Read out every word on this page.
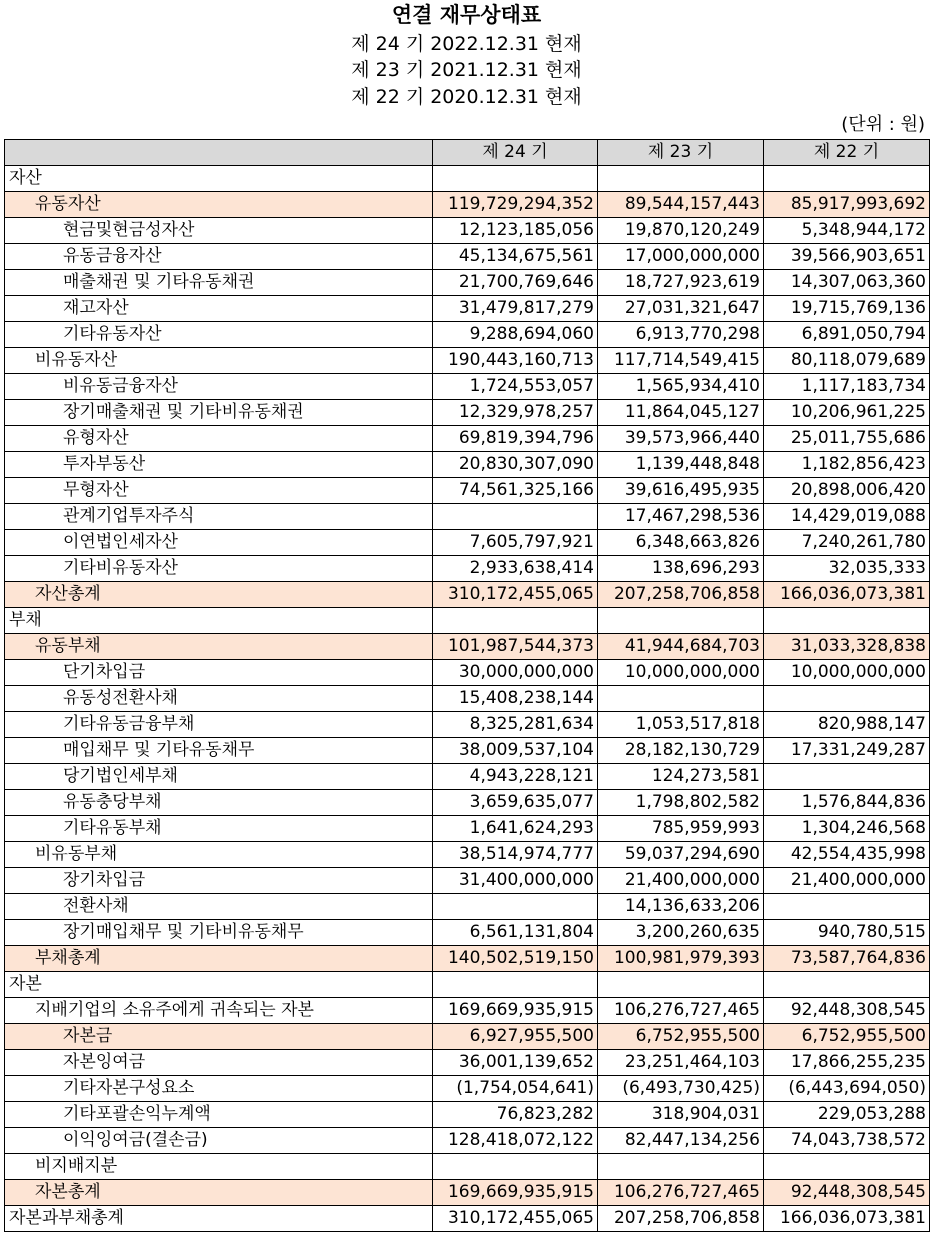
연결 재무상태표
제 24 기 2022.12.31 현재
제 23 기 2021.12.31 현재
제 22 기 2020.12.31 현재
(단위 : 원)
	제 24 기	제 23 기	제 22 기
자산			
유동자산	119,729,294,352	89,544,157,443	85,917,993,692
현금및현금성자산	12,123,185,056	19,870,120,249	5,348,944,172
유동금융자산	45,134,675,561	17,000,000,000	39,566,903,651
매출채권 및 기타유동채권	21,700,769,646	18,727,923,619	14,307,063,360
재고자산	31,479,817,279	27,031,321,647	19,715,769,136
기타유동자산	9,288,694,060	6,913,770,298	6,891,050,794
비유동자산	190,443,160,713	117,714,549,415	80,118,079,689
비유동금융자산	1,724,553,057	1,565,934,410	1,117,183,734
장기매출채권 및 기타비유동채권	12,329,978,257	11,864,045,127	10,206,961,225
유형자산	69,819,394,796	39,573,966,440	25,011,755,686
투자부동산	20,830,307,090	1,139,448,848	1,182,856,423
무형자산	74,561,325,166	39,616,495,935	20,898,006,420
관계기업투자주식		17,467,298,536	14,429,019,088
이연법인세자산	7,605,797,921	6,348,663,826	7,240,261,780
기타비유동자산	2,933,638,414	138,696,293	32,035,333
자산총계	310,172,455,065	207,258,706,858	166,036,073,381
부채			
유동부채	101,987,544,373	41,944,684,703	31,033,328,838
단기차입금	30,000,000,000	10,000,000,000	10,000,000,000
유동성전환사채	15,408,238,144		
기타유동금융부채	8,325,281,634	1,053,517,818	820,988,147
매입채무 및 기타유동채무	38,009,537,104	28,182,130,729	17,331,249,287
당기법인세부채	4,943,228,121	124,273,581	
유동충당부채	3,659,635,077	1,798,802,582	1,576,844,836
기타유동부채	1,641,624,293	785,959,993	1,304,246,568
비유동부채	38,514,974,777	59,037,294,690	42,554,435,998
장기차입금	31,400,000,000	21,400,000,000	21,400,000,000
전환사채		14,136,633,206	
장기매입채무 및 기타비유동채무	6,561,131,804	3,200,260,635	940,780,515
부채총계	140,502,519,150	100,981,979,393	73,587,764,836
자본			
지배기업의 소유주에게 귀속되는 자본	169,669,935,915	106,276,727,465	92,448,308,545
자본금	6,927,955,500	6,752,955,500	6,752,955,500
자본잉여금	36,001,139,652	23,251,464,103	17,866,255,235
기타자본구성요소	(1,754,054,641)	(6,493,730,425)	(6,443,694,050)
기타포괄손익누계액	76,823,282	318,904,031	229,053,288
이익잉여금(결손금)	128,418,072,122	82,447,134,256	74,043,738,572
비지배지분			
자본총계	169,669,935,915	106,276,727,465	92,448,308,545
자본과부채총계	310,172,455,065	207,258,706,858	166,036,073,381
